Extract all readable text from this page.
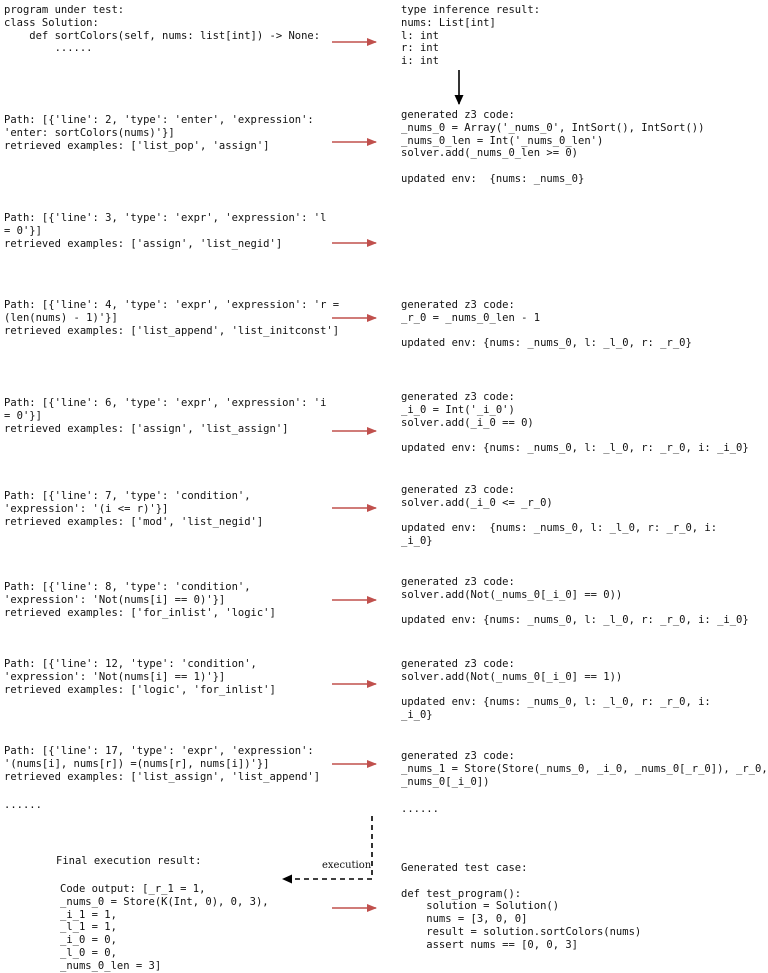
program under test:
class Solution:
def sortColors(self, nums: list[int]) -> None:
......
type inference result:
nums: List[int]
l: int
r: int
i: int
Path: [{'line': 2, 'type': 'enter', 'expression':
'enter: sortColors(nums)'}]
retrieved examples: ['list_pop', 'assign']
generated z3 code:
_nums_0 = Array('_nums_0', IntSort(), IntSort())
_nums_0_len = Int('_nums_0_len')
solver.add(_nums_0_len >= 0)

updated env:  {nums: _nums_0}
Path: [{'line': 3, 'type': 'expr', 'expression': 'l
= 0'}]
retrieved examples: ['assign', 'list_negid']
Path: [{'line': 4, 'type': 'expr', 'expression': 'r =
(len(nums) - 1)'}]
retrieved examples: ['list_append', 'list_initconst']
generated z3 code:
_r_0 = _nums_0_len - 1

updated env: {nums: _nums_0, l: _l_0, r: _r_0}
Path: [{'line': 6, 'type': 'expr', 'expression': 'i
= 0'}]
retrieved examples: ['assign', 'list_assign']
generated z3 code:
_i_0 = Int('_i_0')
solver.add(_i_0 == 0)

updated env: {nums: _nums_0, l: _l_0, r: _r_0, i: _i_0}
Path: [{'line': 7, 'type': 'condition',
'expression': '(i <= r)'}]
retrieved examples: ['mod', 'list_negid']
generated z3 code:
solver.add(_i_0 <= _r_0)

updated env:  {nums: _nums_0, l: _l_0, r: _r_0, i:
_i_0}
Path: [{'line': 8, 'type': 'condition',
'expression': 'Not(nums[i] == 0)'}]
retrieved examples: ['for_inlist', 'logic']
generated z3 code:
solver.add(Not(_nums_0[_i_0] == 0))

updated env: {nums: _nums_0, l: _l_0, r: _r_0, i: _i_0}
Path: [{'line': 12, 'type': 'condition',
'expression': 'Not(nums[i] == 1)'}]
retrieved examples: ['logic', 'for_inlist']
generated z3 code:
solver.add(Not(_nums_0[_i_0] == 1))

updated env: {nums: _nums_0, l: _l_0, r: _r_0, i:
_i_0}
Path: [{'line': 17, 'type': 'expr', 'expression':
'(nums[i], nums[r]) =(nums[r], nums[i])'}]
retrieved examples: ['list_assign', 'list_append']
generated z3 code:
_nums_1 = Store(Store(_nums_0, _i_0, _nums_0[_r_0]), _r_0,
_nums_0[_i_0])
......	......
Final execution result:
Code output: [_r_1 = 1,
_nums_0 = Store(K(Int, 0), 0, 3),
_i_1 = 1,
_l_1 = 1,
_i_0 = 0,
_l_0 = 0,
_nums_0_len = 3]
execution	Generated test case:

def test_program():
solution = Solution()
nums = [3, 0, 0]
result = solution.sortColors(nums)
assert nums == [0, 0, 3]
